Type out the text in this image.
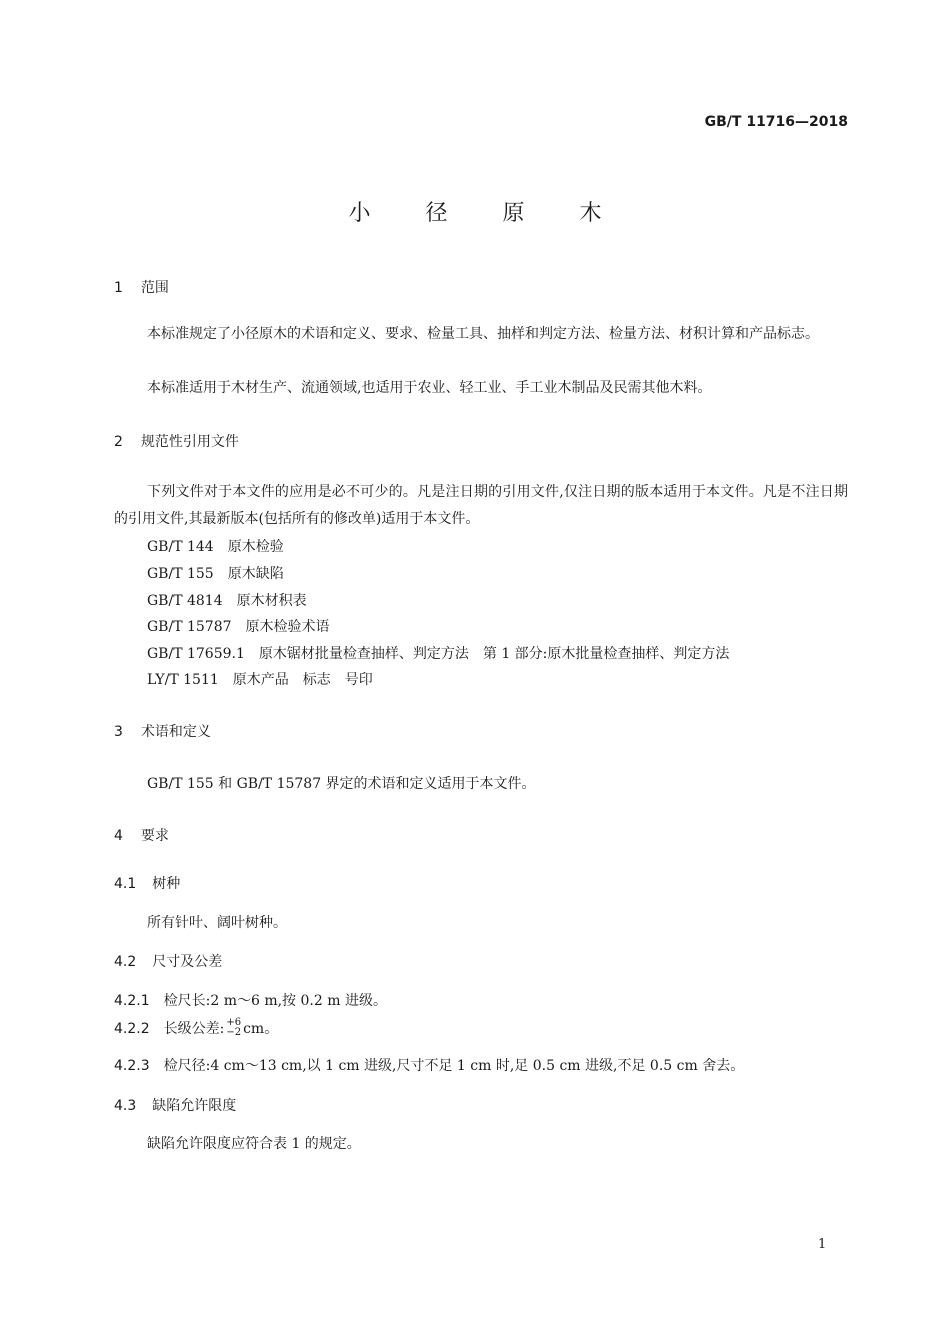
GB/T 11716—2018
小 径 原 木
1 范围
本标准规定了小径原木的术语和定义、要求、检量工具、抽样和判定方法、检量方法、材积计算和产品标志。
本标准适用于木材生产、流通领域,也适用于农业、轻工业、手工业木制品及民需其他木料。
2 规范性引用文件
下列文件对于本文件的应用是必不可少的。凡是注日期的引用文件,仅注日期的版本适用于本文件。凡是不注日期的引用文件,其最新版本(包括所有的修改单)适用于本文件。
GB/T 144　原木检验
GB/T 155　原木缺陷
GB/T 4814　原木材积表
GB/T 15787　原木检验术语
GB/T 17659.1　原木锯材批量检查抽样、判定方法　第 1 部分:原木批量检查抽样、判定方法
LY/T 1511　原木产品　标志　号印
3 术语和定义
GB/T 155 和 GB/T 15787 界定的术语和定义适用于本文件。
4 要求
4.1 树种
所有针叶、阔叶树种。
4.2 尺寸及公差
4.2.1 检尺长:2 m～6 m,按 0.2 m 进级。
4.2.2 长级公差: +6
−2 cm。
4.2.3 检尺径:4 cm～13 cm,以 1 cm 进级,尺寸不足 1 cm 时,足 0.5 cm 进级,不足 0.5 cm 舍去。
4.3 缺陷允许限度
缺陷允许限度应符合表 1 的规定。
1
